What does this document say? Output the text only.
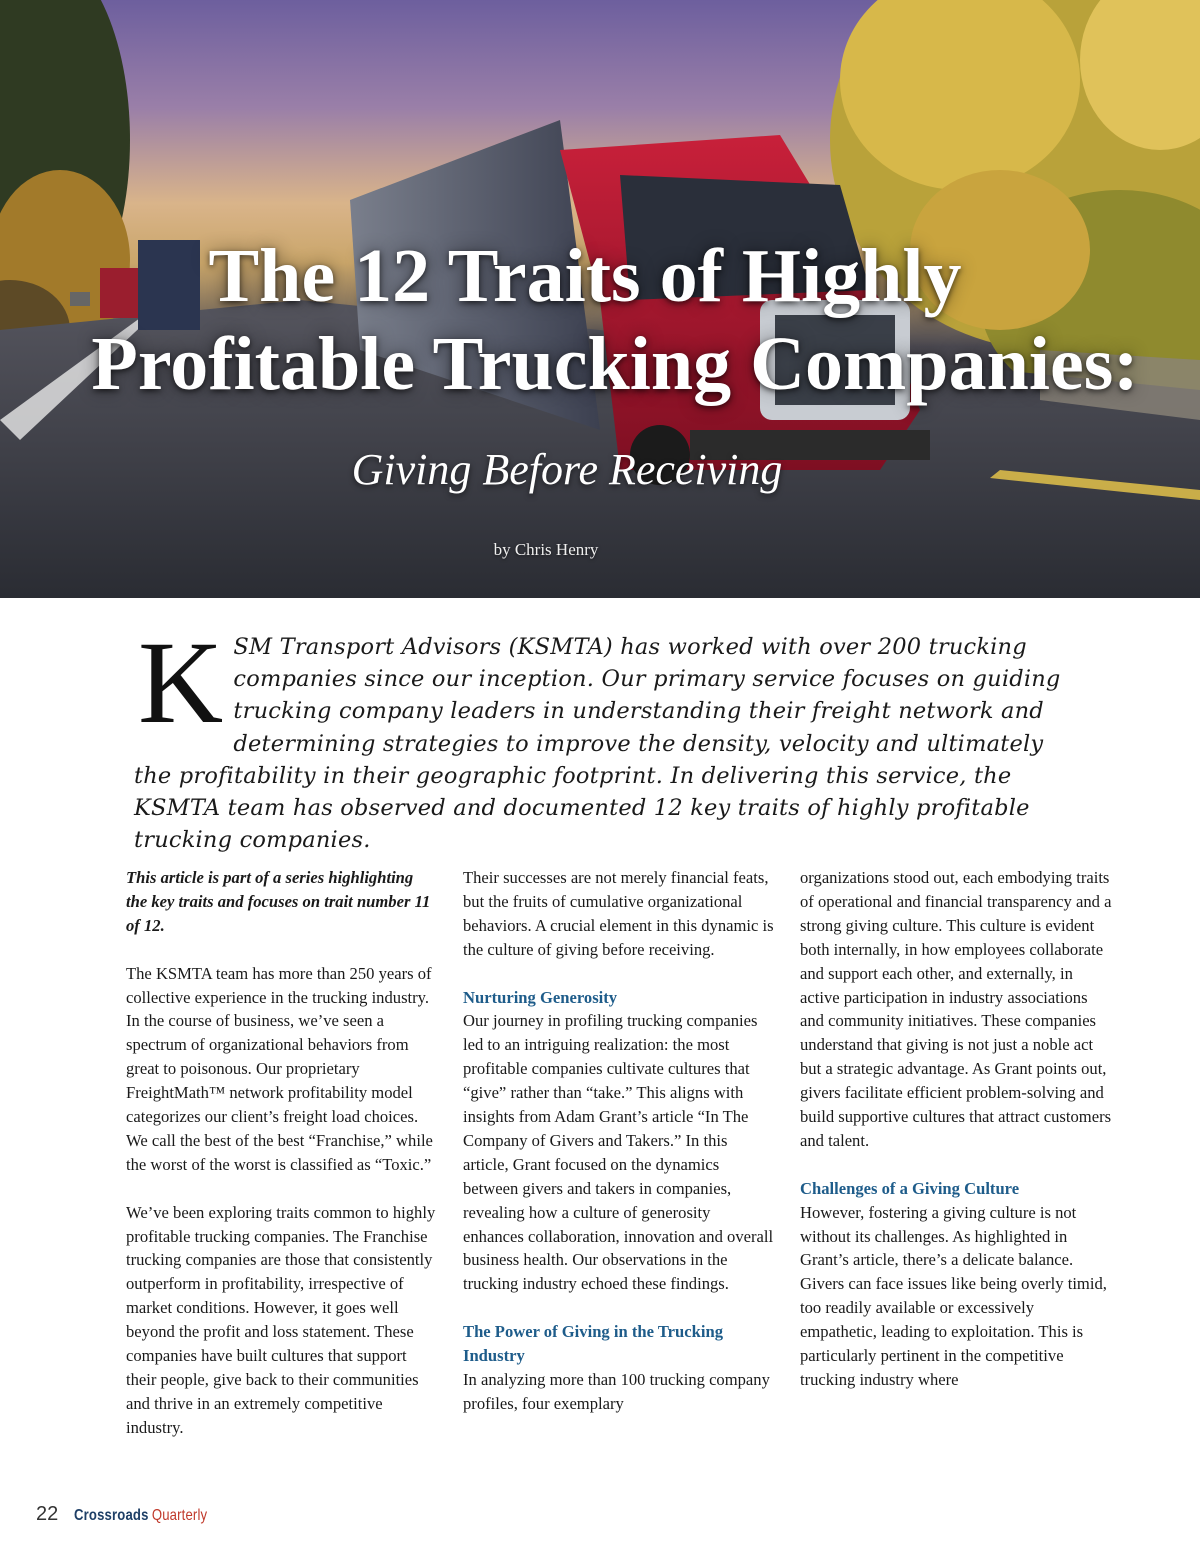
The 12 Traits of Highly
Profitable Trucking Companies:
Giving Before Receiving
by Chris Henry
KSM Transport Advisors (KSMTA) has worked with over 200 trucking companies since our inception. Our primary service focuses on guiding trucking company leaders in understanding their freight network and determining strategies to improve the density, velocity and ultimately the profitability in their geographic footprint. In delivering this service, the KSMTA team has observed and documented 12 key traits of highly profitable trucking companies.

This article is part of a series highlighting the key traits and focuses on trait number 11 of 12.

The KSMTA team has more than 250 years of collective experience in the trucking industry. In the course of business, we’ve seen a spectrum of organizational behaviors from great to poisonous. Our proprietary FreightMath™ network profitability model categorizes our client’s freight load choices. We call the best of the best “Franchise,” while the worst of the worst is classified as “Toxic.”

We’ve been exploring traits common to highly profitable trucking companies. The Franchise trucking companies are those that consistently outperform in profitability, irrespective of market conditions. However, it goes well beyond the profit and loss statement. These companies have built cultures that support their people, give back to their communities and thrive in an extremely competitive industry.

Their successes are not merely financial feats, but the fruits of cumulative organizational behaviors. A crucial element in this dynamic is the culture of giving before receiving.

Nurturing Generosity

Our journey in profiling trucking companies led to an intriguing realization: the most profitable companies cultivate cultures that “give” rather than “take.” This aligns with insights from Adam Grant’s article “In The Company of Givers and Takers.” In this article, Grant focused on the dynamics between givers and takers in companies, revealing how a culture of generosity enhances collaboration, innovation and overall business health. Our observations in the trucking industry echoed these findings.

The Power of Giving in the Trucking Industry

In analyzing more than 100 trucking company profiles, four exemplary

organizations stood out, each embodying traits of operational and financial transparency and a strong giving culture. This culture is evident both internally, in how employees collaborate and support each other, and externally, in active participation in industry associations and community initiatives. These companies understand that giving is not just a noble act but a strategic advantage. As Grant points out, givers facilitate efficient problem-solving and build supportive cultures that attract customers and talent.

Challenges of a Giving Culture

However, fostering a giving culture is not without its challenges. As highlighted in Grant’s article, there’s a delicate balance. Givers can face issues like being overly timid, too readily available or excessively empathetic, leading to exploitation. This is particularly pertinent in the competitive trucking industry where

22 Crossroads Quarterly
